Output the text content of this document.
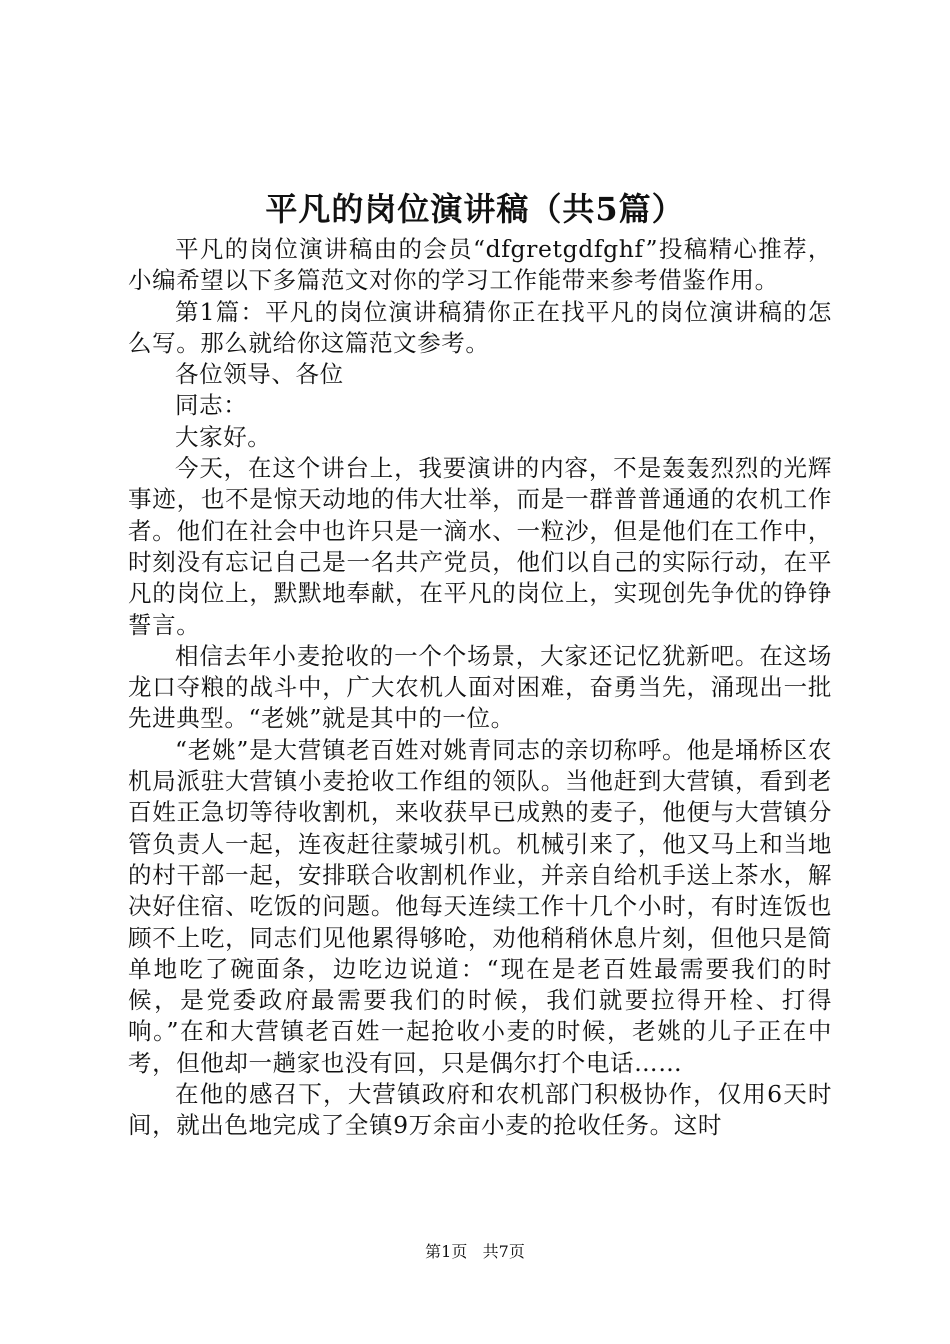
平凡的岗位演讲稿（共5篇）

平凡的岗位演讲稿由的会员“dfgretgdfghf”投稿精心推荐，小编希望以下多篇范文对你的学习工作能带来参考借鉴作用。

第1篇：平凡的岗位演讲稿猜你正在找平凡的岗位演讲稿的怎么写。那么就给你这篇范文参考。

各位领导、各位

同志：

大家好。

今天，在这个讲台上，我要演讲的内容，不是轰轰烈烈的光辉事迹，也不是惊天动地的伟大壮举，而是一群普普通通的农机工作者。他们在社会中也许只是一滴水、一粒沙，但是他们在工作中，时刻没有忘记自己是一名共产党员，他们以自己的实际行动，在平凡的岗位上，默默地奉献，在平凡的岗位上，实现创先争优的铮铮誓言。

相信去年小麦抢收的一个个场景，大家还记忆犹新吧。在这场龙口夺粮的战斗中，广大农机人面对困难，奋勇当先，涌现出一批先进典型。“老姚”就是其中的一位。

“老姚”是大营镇老百姓对姚青同志的亲切称呼。他是埇桥区农机局派驻大营镇小麦抢收工作组的领队。当他赶到大营镇，看到老百姓正急切等待收割机，来收获早已成熟的麦子，他便与大营镇分管负责人一起，连夜赶往蒙城引机。机械引来了，他又马上和当地的村干部一起，安排联合收割机作业，并亲自给机手送上茶水，解决好住宿、吃饭的问题。他每天连续工作十几个小时，有时连饭也顾不上吃，同志们见他累得够呛，劝他稍稍休息片刻，但他只是简单地吃了碗面条，边吃边说道：“现在是老百姓最需要我们的时候，是党委政府最需要我们的时候，我们就要拉得开栓、打得响。”在和大营镇老百姓一起抢收小麦的时候，老姚的儿子正在中考，但他却一趟家也没有回，只是偶尔打个电话……

在他的感召下，大营镇政府和农机部门积极协作，仅用6天时间，就出色地完成了全镇9万余亩小麦的抢收任务。这时

第1页 共7页
